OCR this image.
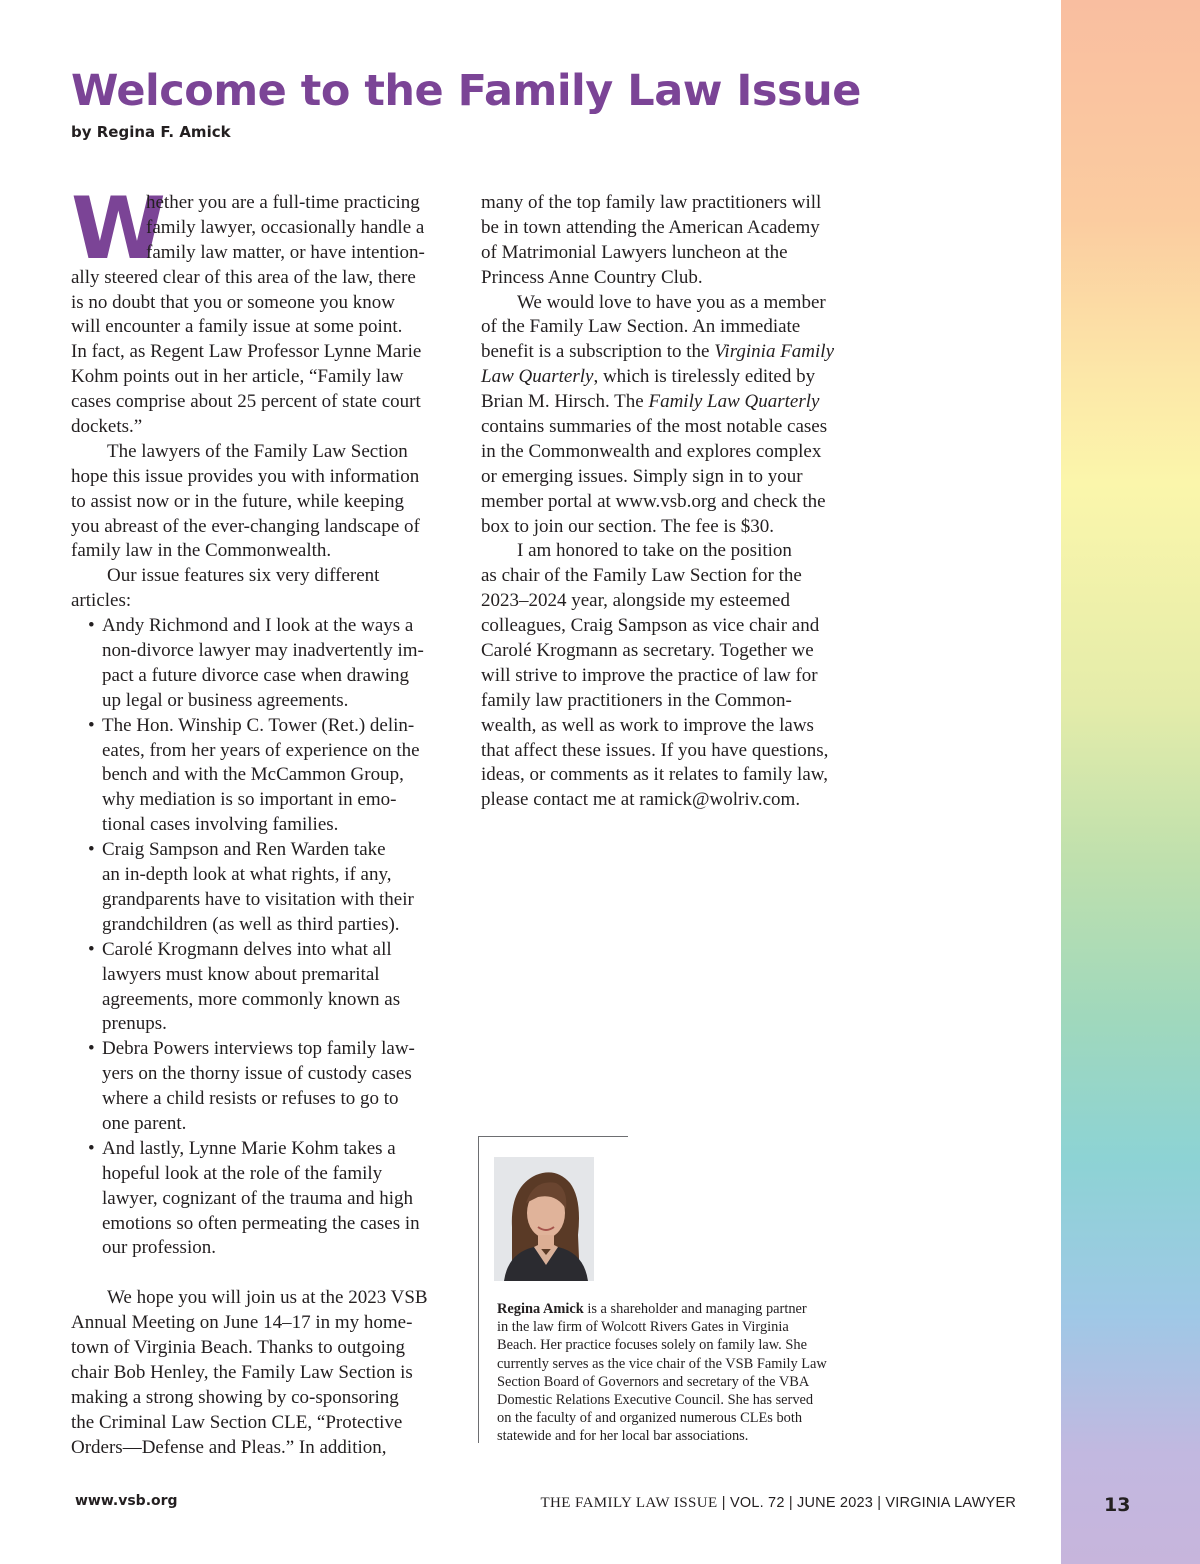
Welcome to the Family Law Issue
by Regina F. Amick
W
hether you are a full-time practicing
family lawyer, occasionally handle a
family law matter, or have intention-
ally steered clear of this area of the law, there
is no doubt that you or someone you know
will encounter a family issue at some point.
In fact, as Regent Law Professor Lynne Marie
Kohm points out in her article, “Family law
cases comprise about 25 percent of state court
dockets.”
The lawyers of the Family Law Section
hope this issue provides you with information
to assist now or in the future, while keeping
you abreast of the ever-changing landscape of
family law in the Commonwealth.
Our issue features six very different
articles:
• Andy Richmond and I look at the ways a
non-divorce lawyer may inadvertently im-
pact a future divorce case when drawing
up legal or business agreements.
• The Hon. Winship C. Tower (Ret.) delin-
eates, from her years of experience on the
bench and with the McCammon Group,
why mediation is so important in emo-
tional cases involving families.
• Craig Sampson and Ren Warden take
an in-depth look at what rights, if any,
grandparents have to visitation with their
grandchildren (as well as third parties).
• Carolé Krogmann delves into what all
lawyers must know about premarital
agreements, more commonly known as
prenups.
• Debra Powers interviews top family law-
yers on the thorny issue of custody cases
where a child resists or refuses to go to
one parent.
• And lastly, Lynne Marie Kohm takes a
hopeful look at the role of the family
lawyer, cognizant of the trauma and high
emotions so often permeating the cases in
our profession.
We hope you will join us at the 2023 VSB
Annual Meeting on June 14–17 in my home-
town of Virginia Beach. Thanks to outgoing
chair Bob Henley, the Family Law Section is
making a strong showing by co-sponsoring
the Criminal Law Section CLE, “Protective
Orders—Defense and Pleas.” In addition,
many of the top family law practitioners will
be in town attending the American Academy
of Matrimonial Lawyers luncheon at the
Princess Anne Country Club.
We would love to have you as a member
of the Family Law Section. An immediate
benefit is a subscription to the Virginia Family
Law Quarterly, which is tirelessly edited by
Brian M. Hirsch. The Family Law Quarterly
contains summaries of the most notable cases
in the Commonwealth and explores complex
or emerging issues. Simply sign in to your
member portal at www.vsb.org and check the
box to join our section. The fee is $30.
I am honored to take on the position
as chair of the Family Law Section for the
2023–2024 year, alongside my esteemed
colleagues, Craig Sampson as vice chair and
Carolé Krogmann as secretary. Together we
will strive to improve the practice of law for
family law practitioners in the Common-
wealth, as well as work to improve the laws
that affect these issues. If you have questions,
ideas, or comments as it relates to family law,
please contact me at ramick@wolriv.com.
Regina Amick is a shareholder and managing partner
in the law firm of Wolcott Rivers Gates in Virginia
Beach. Her practice focuses solely on family law. She
currently serves as the vice chair of the VSB Family Law
Section Board of Governors and secretary of the VBA
Domestic Relations Executive Council. She has served
on the faculty of and organized numerous CLEs both
statewide and for her local bar associations.
www.vsb.org	THE FAMILY LAW ISSUE | VOL. 72 | JUNE 2023 | VIRGINIA LAWYER	13
